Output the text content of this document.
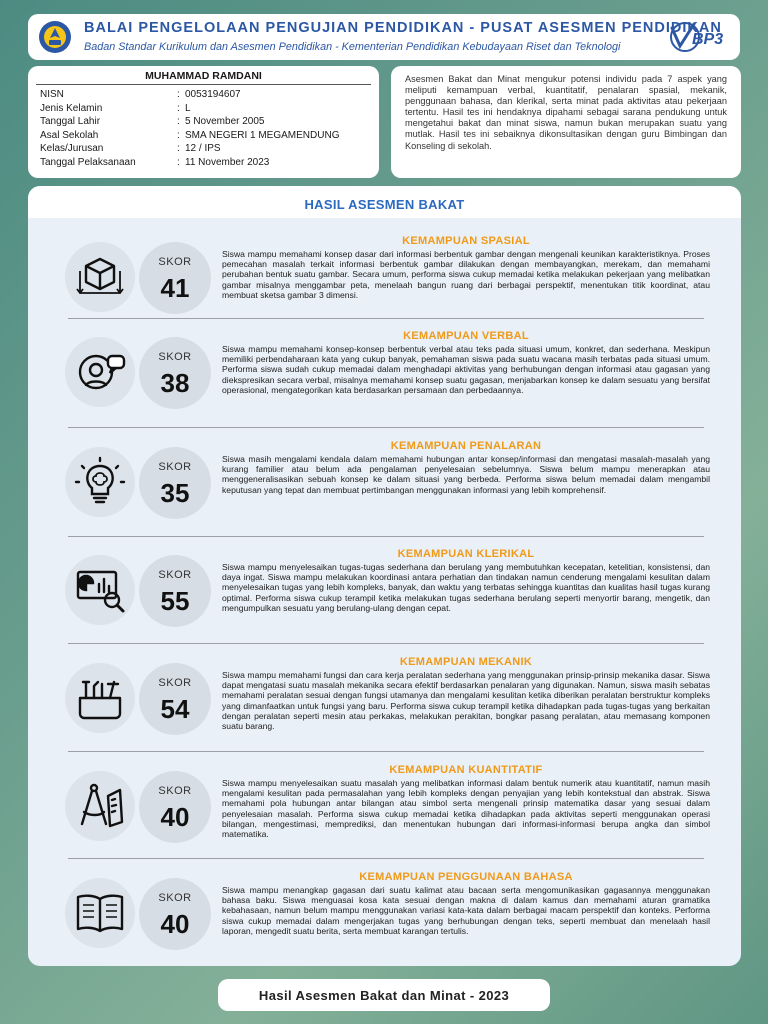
BALAI PENGELOLAAN PENGUJIAN PENDIDIKAN - PUSAT ASESMEN PENDIDIKAN
Badan Standar Kurikulum dan Asesmen Pendidikan - Kementerian Pendidikan Kebudayaan Riset dan Teknologi	BP3
MUHAMMAD RAMDANI
NISN	: 0053194607
Jenis Kelamin	: L
Tanggal Lahir	: 5 November 2005
Asal Sekolah	: SMA NEGERI 1 MEGAMENDUNG
Kelas/Jurusan	: 12 / IPS
Tanggal Pelaksanaan	: 11 November 2023
Asesmen Bakat dan Minat mengukur potensi individu pada 7 aspek yang meliputi kemampuan verbal, kuantitatif, penalaran spasial, mekanik, penggunaan bahasa, dan klerikal, serta minat pada aktivitas atau pekerjaan tertentu. Hasil tes ini hendaknya dipahami sebagai sarana pendukung untuk mengetahui bakat dan minat siswa, namun bukan merupakan suatu yang mutlak. Hasil tes ini sebaiknya dikonsultasikan dengan guru Bimbingan dan Konseling di sekolah.
HASIL ASESMEN BAKAT
SKOR
41
KEMAMPUAN SPASIAL
Siswa mampu memahami konsep dasar dari informasi berbentuk gambar dengan mengenali keunikan karakteristiknya. Proses pemecahan masalah terkait informasi berbentuk gambar dilakukan dengan membayangkan, merekam, dan memahami perubahan bentuk suatu gambar. Secara umum, performa siswa cukup memadai ketika melakukan pekerjaan yang melibatkan gambar misalnya menggambar peta, menelaah bangun ruang dari berbagai perspektif, menentukan titik koordinat, atau membuat sketsa gambar 3 dimensi.
SKOR
38
KEMAMPUAN VERBAL
Siswa mampu memahami konsep-konsep berbentuk verbal atau teks pada situasi umum, konkret, dan sederhana. Meskipun memiliki perbendaharaan kata yang cukup banyak, pemahaman siswa pada suatu wacana masih terbatas pada situasi umum. Performa siswa sudah cukup memadai dalam menghadapi aktivitas yang berhubungan dengan informasi atau gagasan yang diekspresikan secara verbal, misalnya memahami konsep suatu gagasan, menjabarkan konsep ke dalam sesuatu yang bersifat operasional, mengategorikan kata berdasarkan persamaan dan perbedaannya.
SKOR
35
KEMAMPUAN PENALARAN
Siswa masih mengalami kendala dalam memahami hubungan antar konsep/informasi dan mengatasi masalah-masalah yang kurang familier atau belum ada pengalaman penyelesaian sebelumnya. Siswa belum mampu menerapkan atau menggeneralisasikan sebuah konsep ke dalam situasi yang berbeda. Performa siswa belum memadai dalam mengambil keputusan yang tepat dan membuat pertimbangan menggunakan informasi yang lebih komprehensif.
SKOR
55
KEMAMPUAN KLERIKAL
Siswa mampu menyelesaikan tugas-tugas sederhana dan berulang yang membutuhkan kecepatan, ketelitian, konsistensi, dan daya ingat. Siswa mampu melakukan koordinasi antara perhatian dan tindakan namun cenderung mengalami kesulitan dalam menyelesaikan tugas yang lebih kompleks, banyak, dan waktu yang terbatas sehingga kuantitas dan kualitas hasil tugas kurang optimal. Performa siswa cukup terampil ketika melakukan tugas sederhana berulang seperti menyortir barang, mengetik, dan mengumpulkan sesuatu yang berulang-ulang dengan cepat.
SKOR
54
KEMAMPUAN MEKANIK
Siswa mampu memahami fungsi dan cara kerja peralatan sederhana yang menggunakan prinsip-prinsip mekanika dasar. Siswa dapat mengatasi suatu masalah mekanika secara efektif berdasarkan penalaran yang digunakan. Namun, siswa masih sebatas memahami peralatan sesuai dengan fungsi utamanya dan mengalami kesulitan ketika diberikan peralatan berstruktur kompleks yang dimanfaatkan untuk fungsi yang baru. Performa siswa cukup terampil ketika dihadapkan pada tugas-tugas yang berkaitan dengan peralatan seperti mesin atau perkakas, melakukan perakitan, bongkar pasang peralatan, atau memasang komponen suatu barang.
SKOR
40
KEMAMPUAN KUANTITATIF
Siswa mampu menyelesaikan suatu masalah yang melibatkan informasi dalam bentuk numerik atau kuantitatif, namun masih mengalami kesulitan pada permasalahan yang lebih kompleks dengan penyajian yang lebih kontekstual dan abstrak. Siswa memahami pola hubungan antar bilangan atau simbol serta mengenali prinsip matematika dasar yang sesuai dalam penyelesaian masalah. Performa siswa cukup memadai ketika dihadapkan pada aktivitas seperti menggunakan operasi bilangan, mengestimasi, memprediksi, dan menentukan hubungan dari informasi-informasi berupa angka dan simbol matematika.
SKOR
40
KEMAMPUAN PENGGUNAAN BAHASA
Siswa mampu menangkap gagasan dari suatu kalimat atau bacaan serta mengomunikasikan gagasannya menggunakan bahasa baku. Siswa menguasai kosa kata sesuai dengan makna di dalam kamus dan memahami aturan gramatika kebahasaan, namun belum mampu menggunakan variasi kata-kata dalam berbagai macam perspektif dan konteks. Performa siswa cukup memadai dalam mengerjakan tugas yang berhubungan dengan teks, seperti membuat dan menelaah hasil laporan, mengedit suatu berita, serta membuat karangan tertulis.
Hasil Asesmen Bakat dan Minat - 2023
